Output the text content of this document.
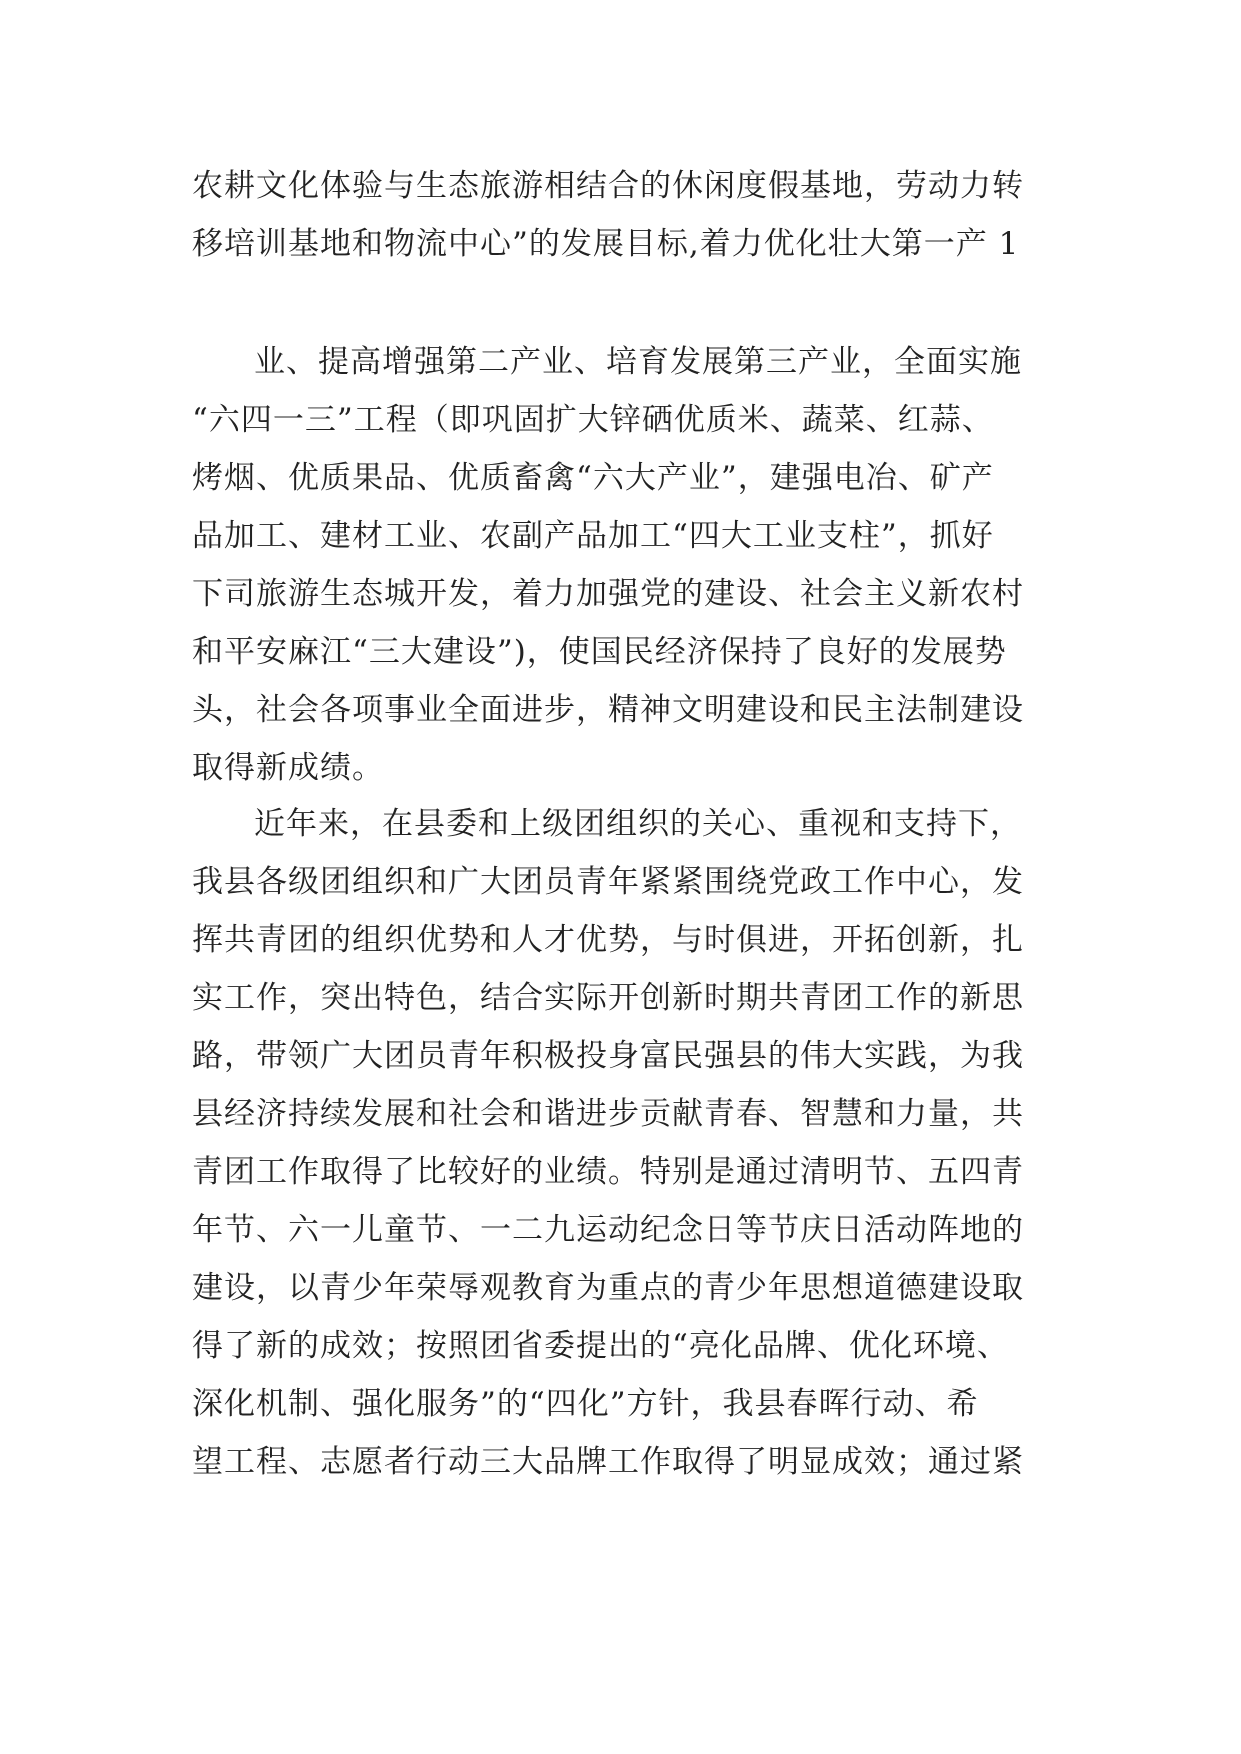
农耕文化体验与生态旅游相结合的休闲度假基地，劳动力转
移培训基地和物流中心”的发展目标,着力优化壮大第一产 1
业、提高增强第二产业、培育发展第三产业，全面实施
“六四一三”工程（即巩固扩大锌硒优质米、蔬菜、红蒜、
烤烟、优质果品、优质畜禽“六大产业”，建强电冶、矿产
品加工、建材工业、农副产品加工“四大工业支柱”，抓好
下司旅游生态城开发，着力加强党的建设、社会主义新农村
和平安麻江“三大建设”)，使国民经济保持了良好的发展势
头，社会各项事业全面进步，精神文明建设和民主法制建设
取得新成绩。
近年来，在县委和上级团组织的关心、重视和支持下，
我县各级团组织和广大团员青年紧紧围绕党政工作中心，发
挥共青团的组织优势和人才优势，与时俱进，开拓创新，扎
实工作，突出特色，结合实际开创新时期共青团工作的新思
路，带领广大团员青年积极投身富民强县的伟大实践，为我
县经济持续发展和社会和谐进步贡献青春、智慧和力量，共
青团工作取得了比较好的业绩。特别是通过清明节、五四青
年节、六一儿童节、一二九运动纪念日等节庆日活动阵地的
建设，以青少年荣辱观教育为重点的青少年思想道德建设取
得了新的成效；按照团省委提出的“亮化品牌、优化环境、
深化机制、强化服务”的“四化”方针，我县春晖行动、希
望工程、志愿者行动三大品牌工作取得了明显成效；通过紧
